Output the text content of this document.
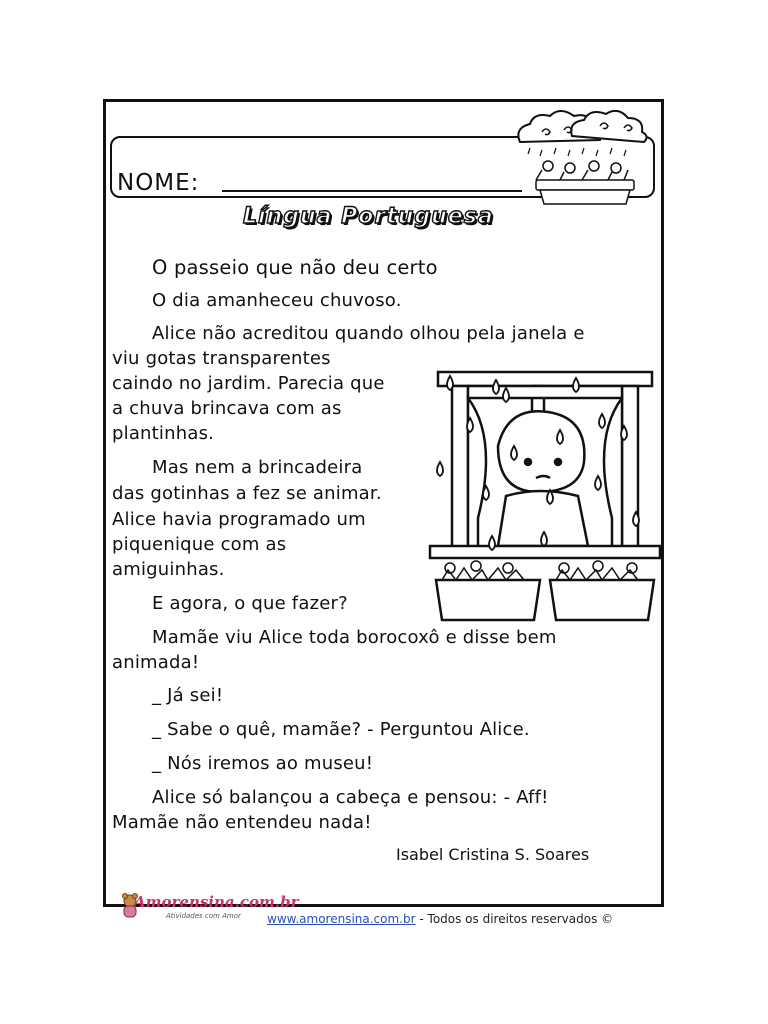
NOME:
Língua Portuguesa
O passeio que não deu certo
O dia amanheceu chuvoso.
Alice não acreditou quando olhou pela janela e
viu gotas transparentes
caindo no jardim. Parecia que
a chuva brincava com as
plantinhas.
Mas nem a brincadeira
das gotinhas a fez se animar.
Alice havia programado um
piquenique com as
amiguinhas.
E agora, o que fazer?
Mamãe viu Alice toda borocoxô e disse bem
animada!
_ Já sei!
_ Sabe o quê, mamãe? - Perguntou Alice.
_ Nós iremos ao museu!
Alice só balançou a cabeça e pensou: - Aff!
Mamãe não entendeu nada!
Isabel Cristina S. Soares
Amorensina.com.br
Atividades com Amor www.amorensina.com.br - Todos os direitos reservados ©
